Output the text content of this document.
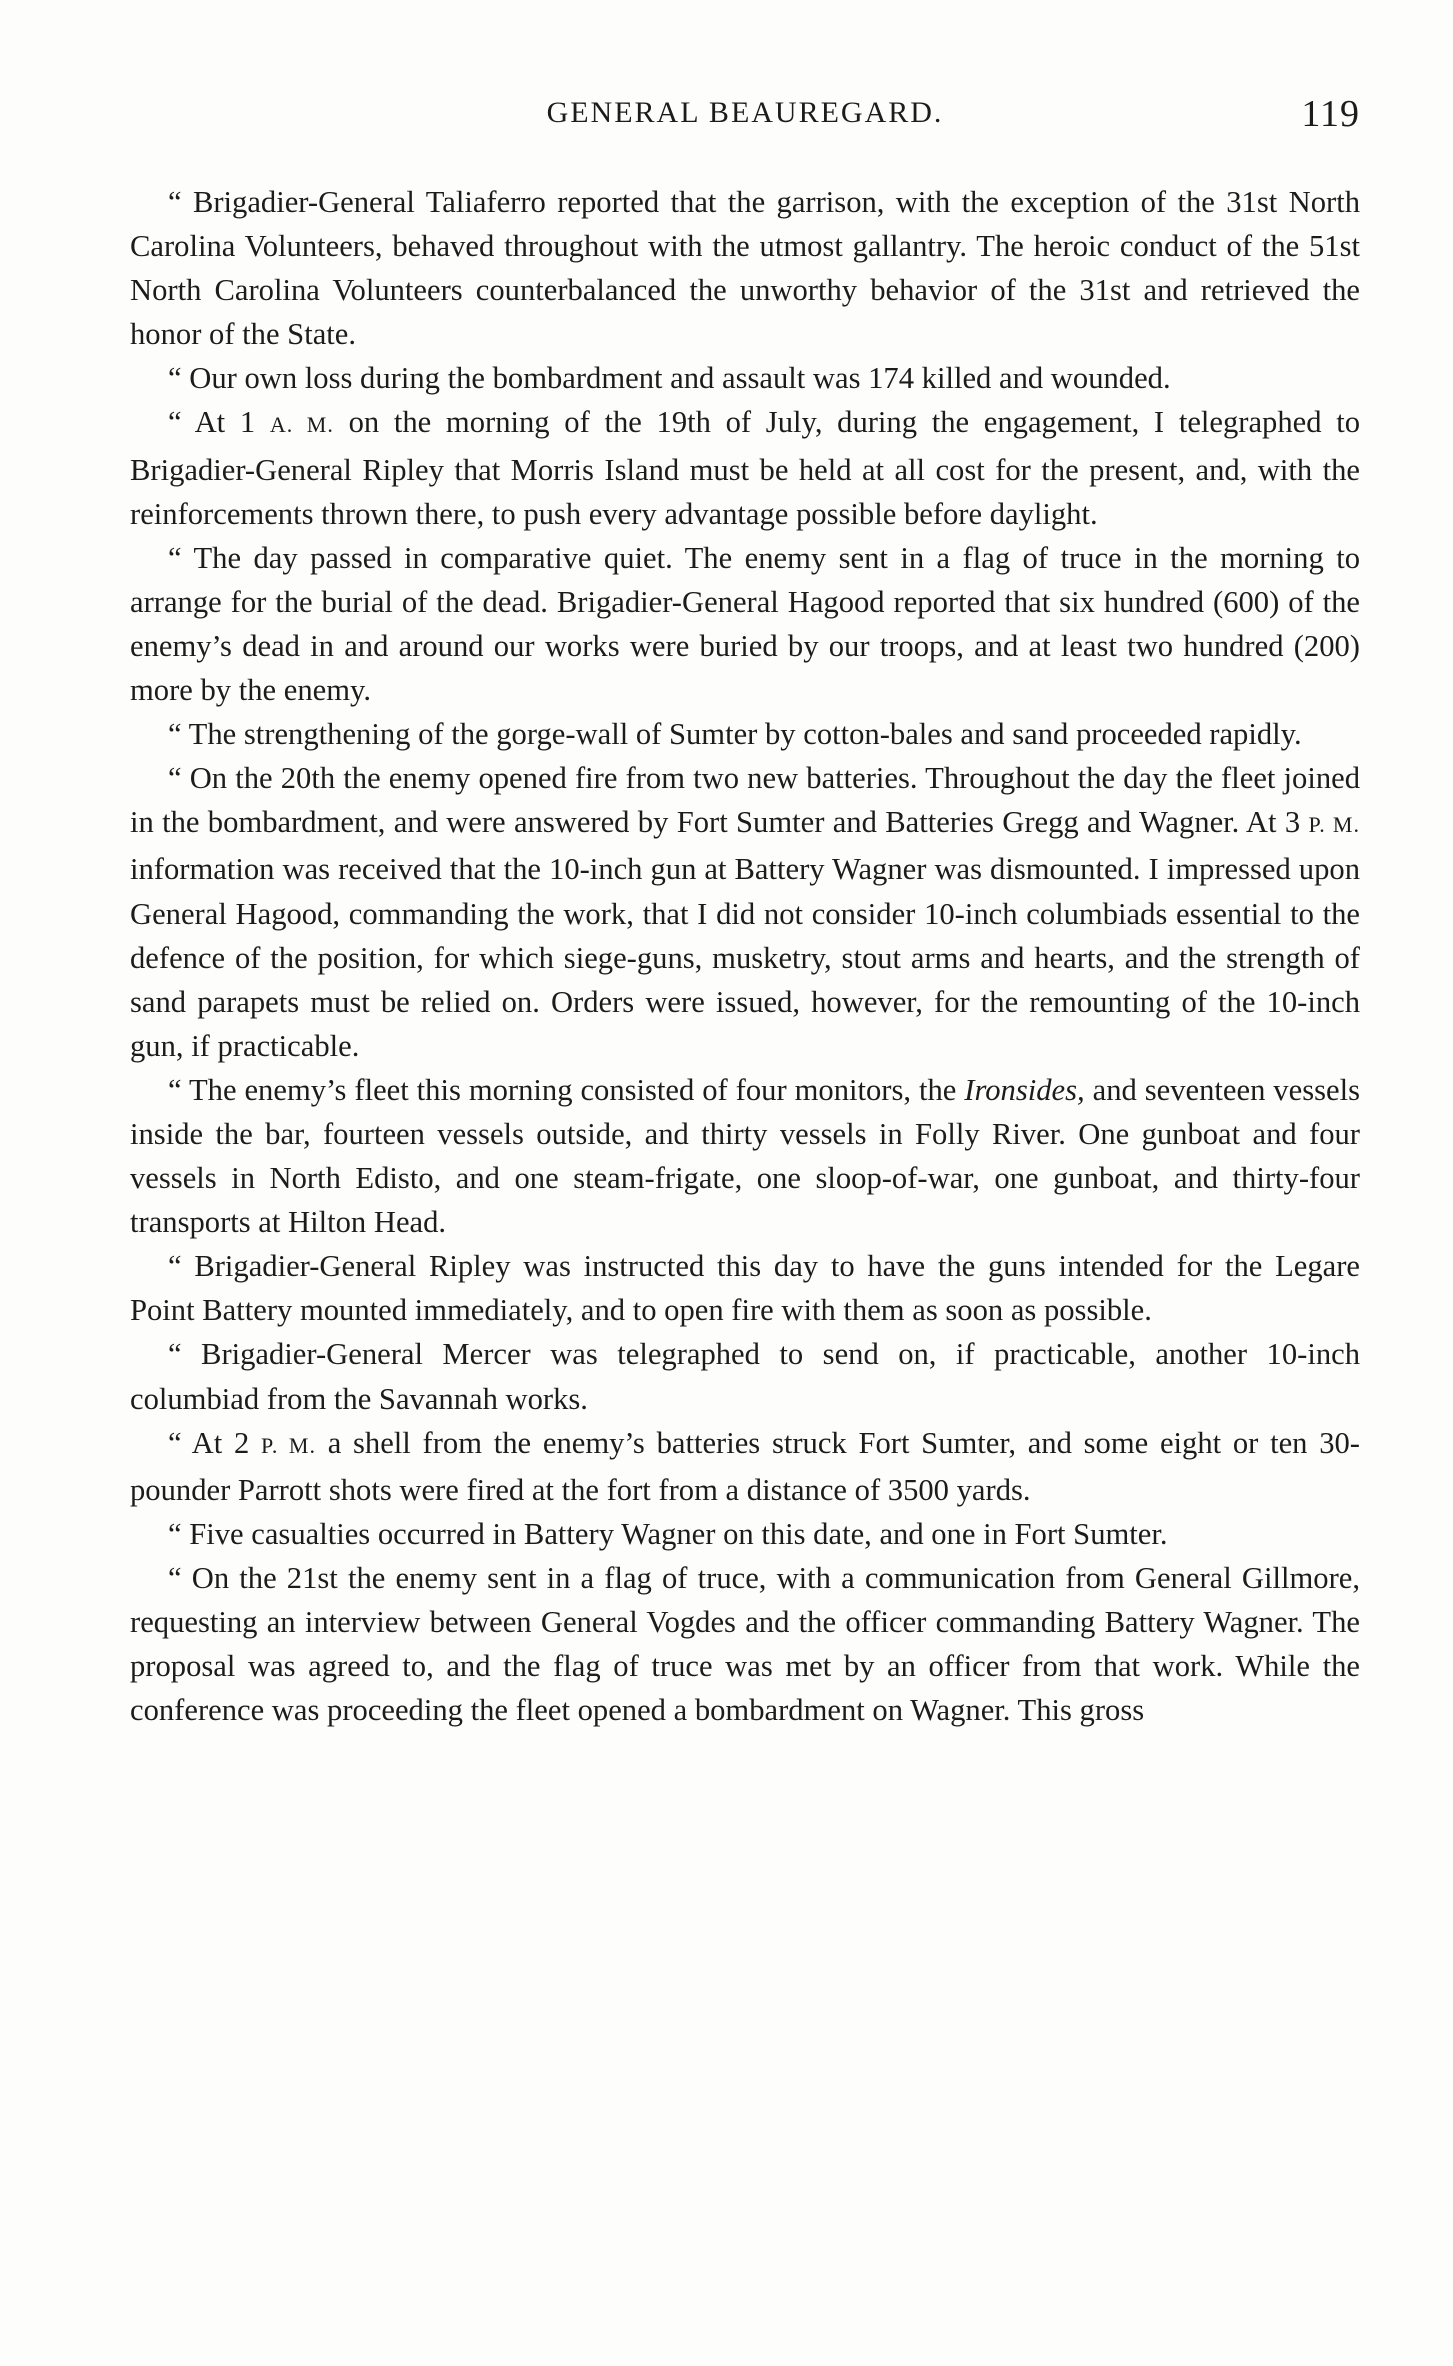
GENERAL BEAUREGARD.	119

“ Brigadier-General Taliaferro reported that the garrison, with the exception of the 31st North Carolina Volunteers, behaved throughout with the utmost gallantry. The heroic conduct of the 51st North Carolina Volunteers counterbalanced the unworthy behavior of the 31st and retrieved the honor of the State.

“ Our own loss during the bombardment and assault was 174 killed and wounded.

“ At 1 A. M. on the morning of the 19th of July, during the engagement, I telegraphed to Brigadier-General Ripley that Morris Island must be held at all cost for the present, and, with the reinforcements thrown there, to push every advantage possible before daylight.

“ The day passed in comparative quiet. The enemy sent in a flag of truce in the morning to arrange for the burial of the dead. Brigadier-General Hagood reported that six hundred (600) of the enemy’s dead in and around our works were buried by our troops, and at least two hundred (200) more by the enemy.

“ The strengthening of the gorge-wall of Sumter by cotton-bales and sand proceeded rapidly.

“ On the 20th the enemy opened fire from two new batteries. Throughout the day the fleet joined in the bombardment, and were answered by Fort Sumter and Batteries Gregg and Wagner. At 3 P. M. information was received that the 10-inch gun at Battery Wagner was dismounted. I impressed upon General Hagood, commanding the work, that I did not consider 10-inch columbiads essential to the defence of the position, for which siege-guns, musketry, stout arms and hearts, and the strength of sand parapets must be relied on. Orders were issued, however, for the remounting of the 10-inch gun, if practicable.

“ The enemy’s fleet this morning consisted of four monitors, the Ironsides, and seventeen vessels inside the bar, fourteen vessels outside, and thirty vessels in Folly River. One gunboat and four vessels in North Edisto, and one steam-frigate, one sloop-of-war, one gunboat, and thirty-four transports at Hilton Head.

“ Brigadier-General Ripley was instructed this day to have the guns intended for the Legare Point Battery mounted immediately, and to open fire with them as soon as possible.

“ Brigadier-General Mercer was telegraphed to send on, if practicable, another 10-inch columbiad from the Savannah works.

“ At 2 P. M. a shell from the enemy’s batteries struck Fort Sumter, and some eight or ten 30-pounder Parrott shots were fired at the fort from a distance of 3500 yards.

“ Five casualties occurred in Battery Wagner on this date, and one in Fort Sumter.

“ On the 21st the enemy sent in a flag of truce, with a communication from General Gillmore, requesting an interview between General Vogdes and the officer commanding Battery Wagner. The proposal was agreed to, and the flag of truce was met by an officer from that work. While the conference was proceeding the fleet opened a bombardment on Wagner. This gross
